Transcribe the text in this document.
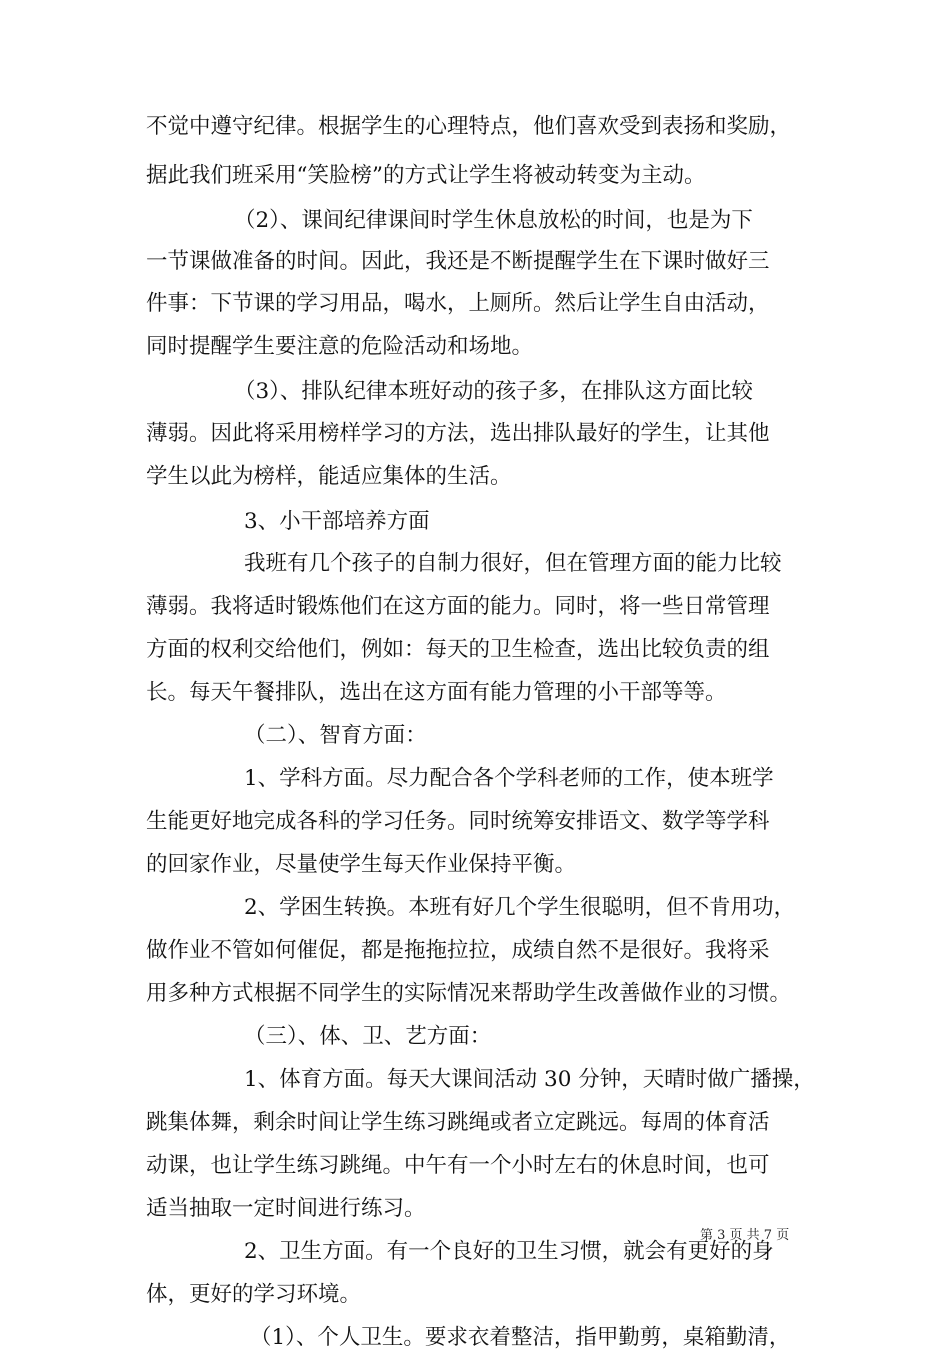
不觉中遵守纪律。根据学生的心理特点，他们喜欢受到表扬和奖励，
据此我们班采用“笑脸榜”的方式让学生将被动转变为主动。
（2）、课间纪律课间时学生休息放松的时间，也是为下
一节课做准备的时间。因此，我还是不断提醒学生在下课时做好三
件事：下节课的学习用品，喝水，上厕所。然后让学生自由活动，
同时提醒学生要注意的危险活动和场地。
（3）、排队纪律本班好动的孩子多，在排队这方面比较
薄弱。因此将采用榜样学习的方法，选出排队最好的学生，让其他
学生以此为榜样，能适应集体的生活。
3、小干部培养方面
我班有几个孩子的自制力很好，但在管理方面的能力比较
薄弱。我将适时锻炼他们在这方面的能力。同时，将一些日常管理
方面的权利交给他们，例如：每天的卫生检查，选出比较负责的组
长。每天午餐排队，选出在这方面有能力管理的小干部等等。
（二）、智育方面：
1、学科方面。尽力配合各个学科老师的工作，使本班学
生能更好地完成各科的学习任务。同时统筹安排语文、数学等学科
的回家作业，尽量使学生每天作业保持平衡。
2、学困生转换。本班有好几个学生很聪明，但不肯用功，
做作业不管如何催促，都是拖拖拉拉，成绩自然不是很好。我将采
用多种方式根据不同学生的实际情况来帮助学生改善做作业的习惯。
（三）、体、卫、艺方面：
1、体育方面。每天大课间活动 30 分钟，天晴时做广播操，
跳集体舞，剩余时间让学生练习跳绳或者立定跳远。每周的体育活
动课，也让学生练习跳绳。中午有一个小时左右的休息时间，也可
适当抽取一定时间进行练习。
2、卫生方面。有一个良好的卫生习惯，就会有更好的身
体，更好的学习环境。
（1）、个人卫生。要求衣着整洁，指甲勤剪，桌箱勤清，
第 3 页 共 7 页
